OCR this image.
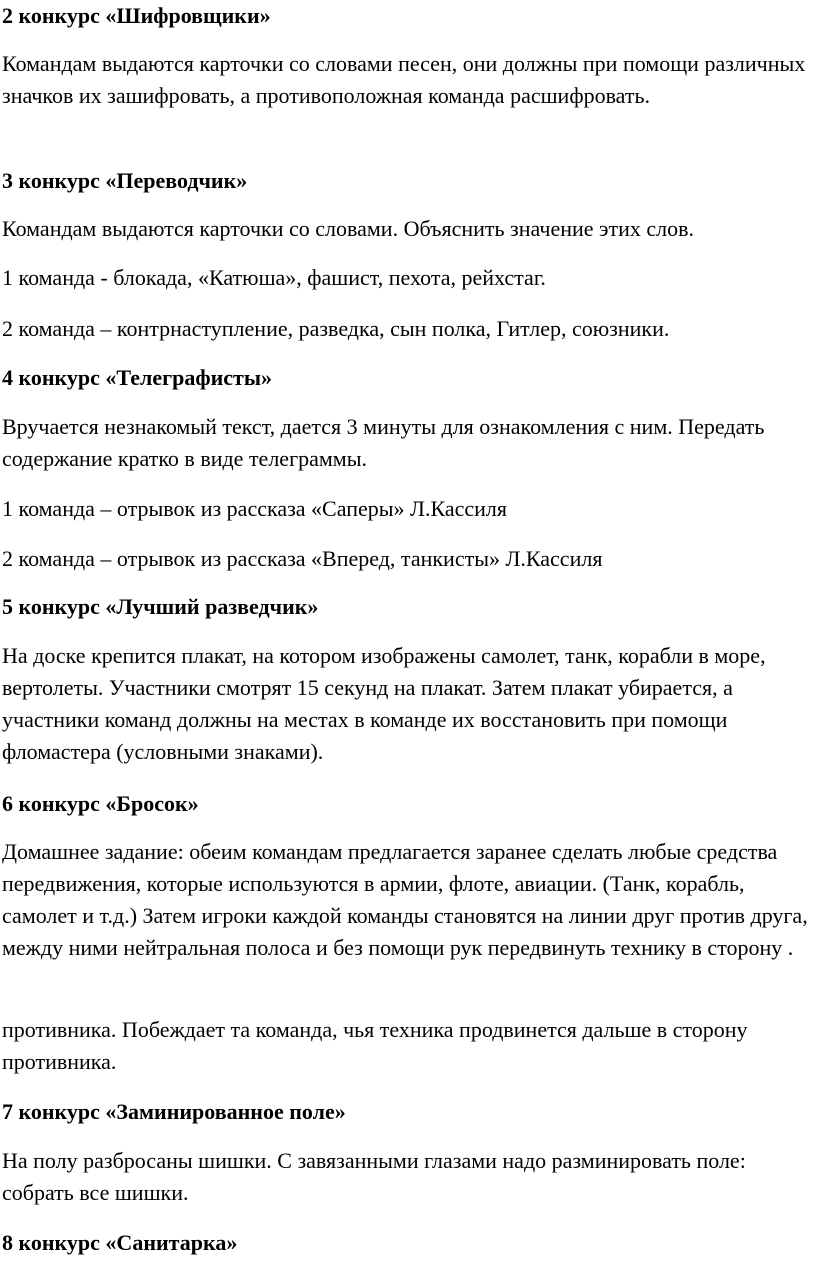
2 конкурс «Шифровщики»

Командам выдаются карточки со словами песен, они должны при помощи различных значков их зашифровать, а противоположная команда расшифровать.

3 конкурс «Переводчик»

Командам выдаются карточки со словами. Объяснить значение этих слов.

1 команда - блокада, «Катюша», фашист, пехота, рейхстаг.

2 команда – контрнаступление, разведка, сын полка, Гитлер, союзники.

4 конкурс «Телеграфисты»

Вручается незнакомый текст, дается 3 минуты для ознакомления с ним. Передать содержание кратко в виде телеграммы.

1 команда – отрывок из рассказа «Саперы» Л.Кассиля

2 команда – отрывок из рассказа «Вперед, танкисты» Л.Кассиля

5 конкурс «Лучший разведчик»

На доске крепится плакат, на котором изображены самолет, танк, корабли в море, вертолеты. Участники смотрят 15 секунд на плакат. Затем плакат убирается, а участники команд должны на местах в команде их восстановить при помощи фломастера (условными знаками).

6 конкурс «Бросок»

Домашнее задание: обеим командам предлагается заранее сделать любые средства передвижения, которые используются в армии, флоте, авиации. (Танк, корабль, самолет и т.д.) Затем игроки каждой команды становятся на линии друг против друга, между ними нейтральная полоса и без помощи рук передвинуть технику в сторону .

противника. Побеждает та команда, чья техника продвинется дальше в сторону противника.

7 конкурс «Заминированное поле»

На полу разбросаны шишки. С завязанными глазами надо разминировать поле: собрать все шишки.

8 конкурс «Санитарка»
